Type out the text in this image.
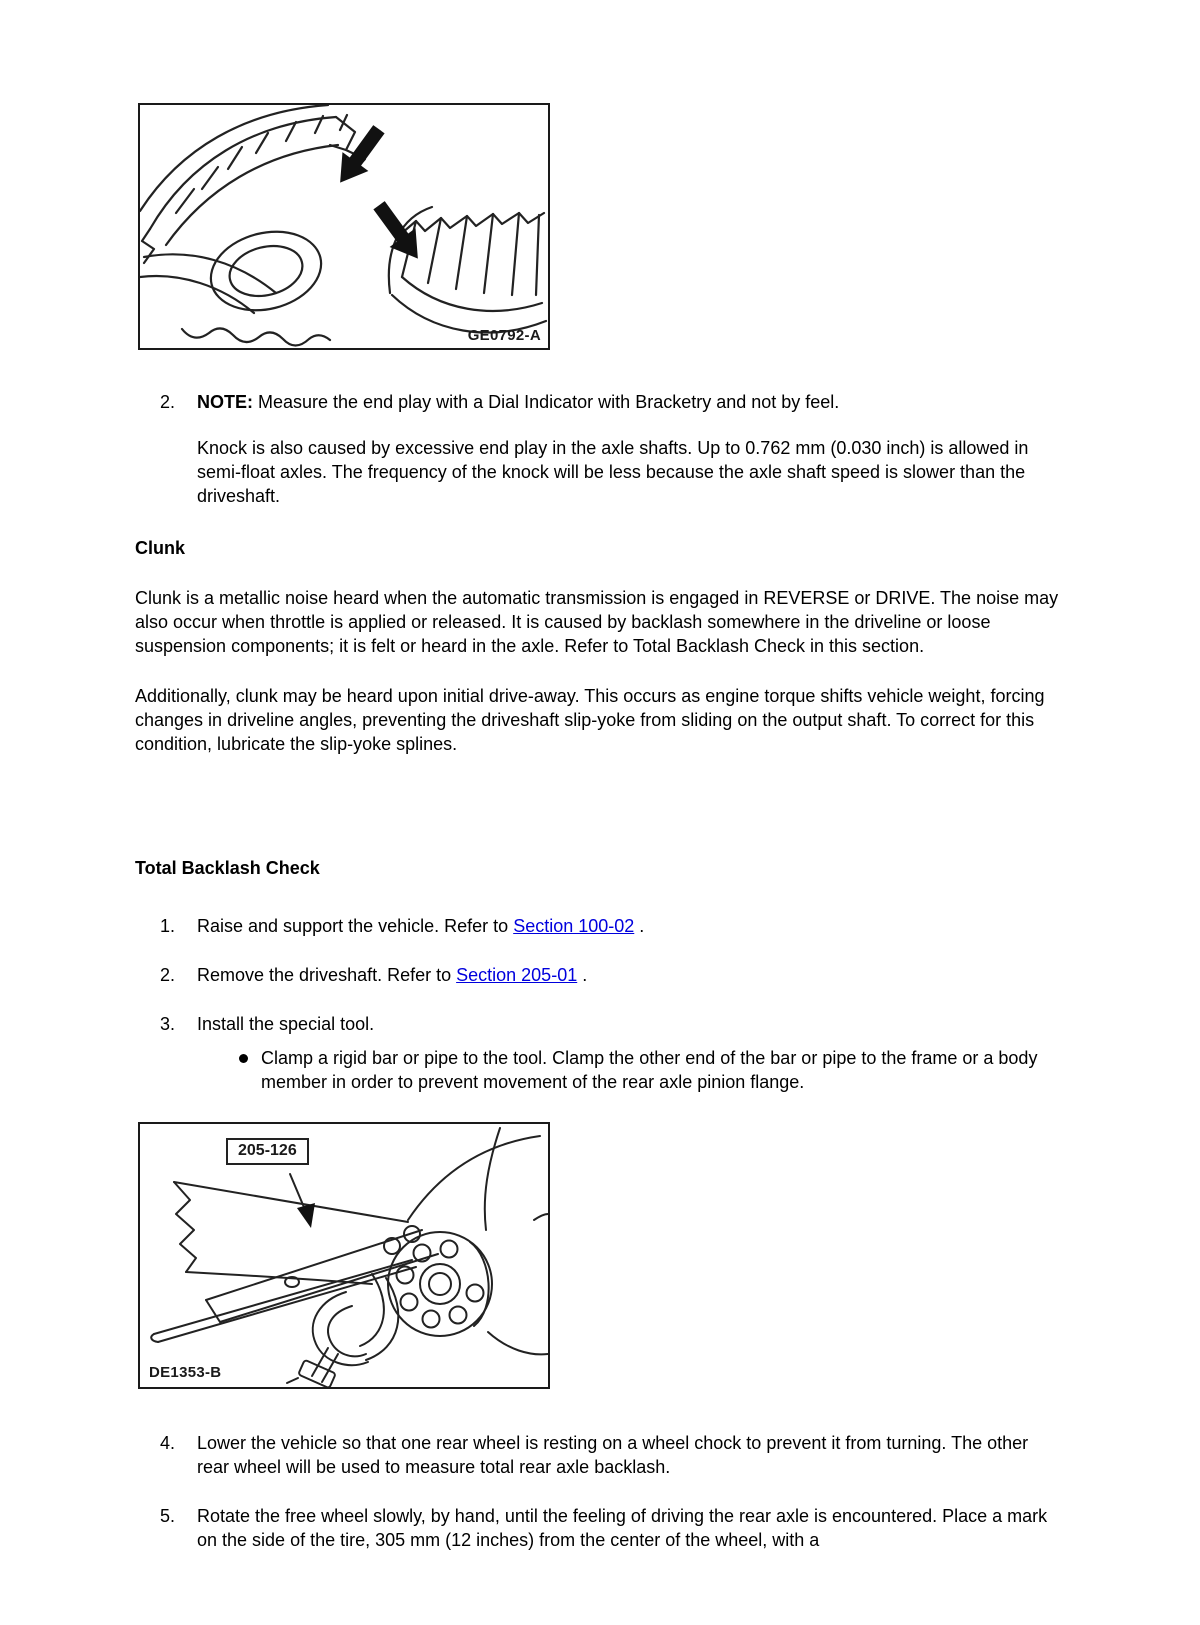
GE0792-A
2.	NOTE: Measure the end play with a Dial Indicator with Bracketry and not by feel.
Knock is also caused by excessive end play in the axle shafts. Up to 0.762 mm (0.030 inch) is allowed in semi-float axles. The frequency of the knock will be less because the axle shaft speed is slower than the driveshaft.
Clunk
Clunk is a metallic noise heard when the automatic transmission is engaged in REVERSE or DRIVE. The noise may also occur when throttle is applied or released. It is caused by backlash somewhere in the driveline or loose suspension components; it is felt or heard in the axle. Refer to Total Backlash Check in this section.
Additionally, clunk may be heard upon initial drive-away. This occurs as engine torque shifts vehicle weight, forcing changes in driveline angles, preventing the driveshaft slip-yoke from sliding on the output shaft. To correct for this condition, lubricate the slip-yoke splines.
Total Backlash Check
1.	Raise and support the vehicle. Refer to Section 100-02 .
2.	Remove the driveshaft. Refer to Section 205-01 .
3.	Install the special tool.
Clamp a rigid bar or pipe to the tool. Clamp the other end of the bar or pipe to the frame or a body member in order to prevent movement of the rear axle pinion flange.
205-126
DE1353-B
4.	Lower the vehicle so that one rear wheel is resting on a wheel chock to prevent it from turning. The other rear wheel will be used to measure total rear axle backlash.
5.	Rotate the free wheel slowly, by hand, until the feeling of driving the rear axle is encountered. Place a mark on the side of the tire, 305 mm (12 inches) from the center of the wheel, with a
